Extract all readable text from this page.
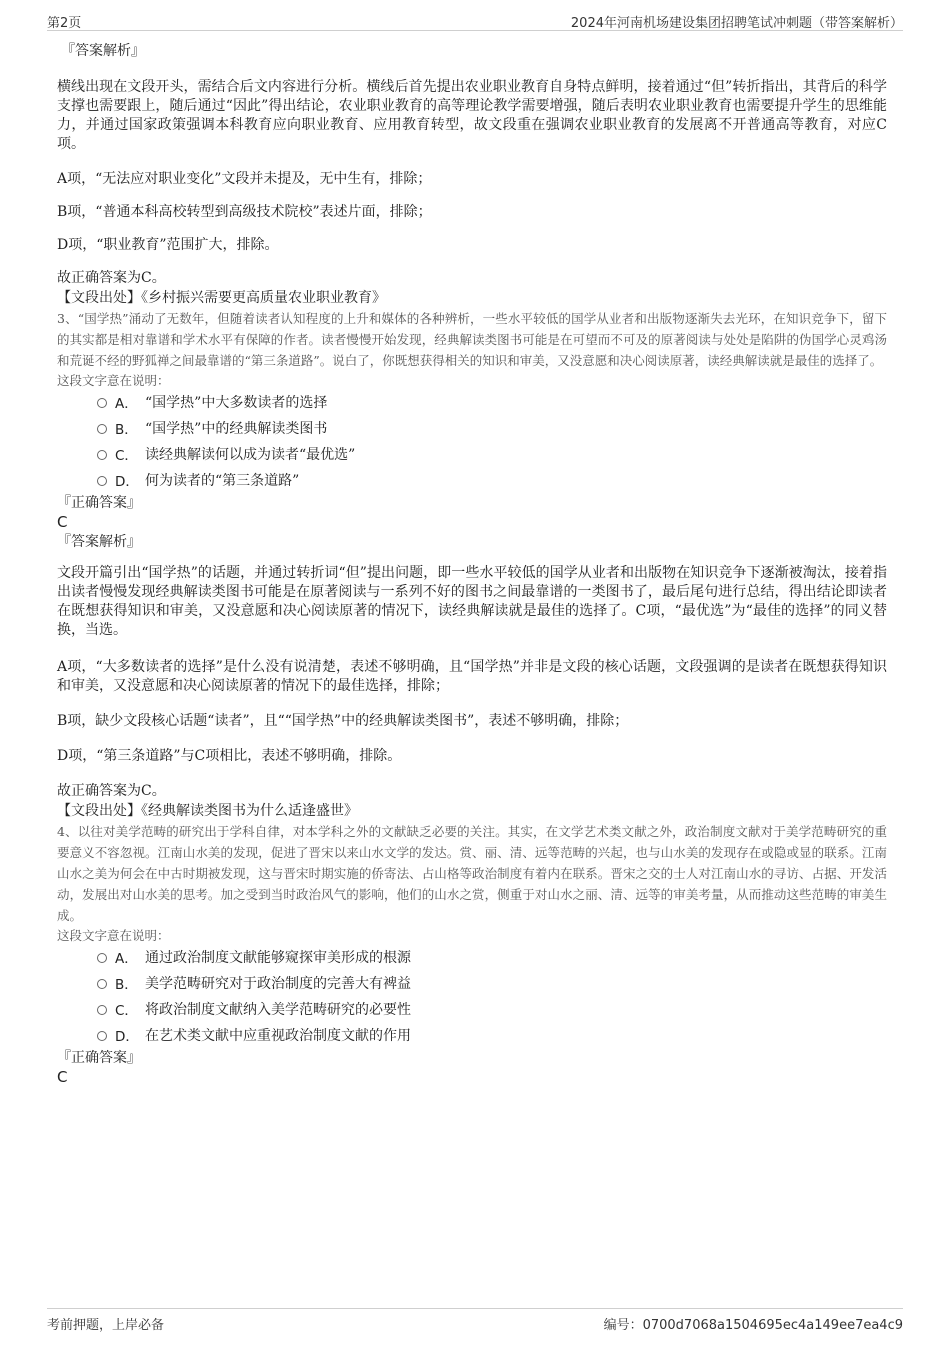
第2页	2024年河南机场建设集团招聘笔试冲刺题（带答案解析）

『答案解析』

横线出现在文段开头，需结合后文内容进行分析。横线后首先提出农业职业教育自身特点鲜明，接着通过“但”转折指出，其背后的科学支撑也需要跟上，随后通过“因此”得出结论，农业职业教育的高等理论教学需要增强，随后表明农业职业教育也需要提升学生的思维能力，并通过国家政策强调本科教育应向职业教育、应用教育转型，故文段重在强调农业职业教育的发展离不开普通高等教育，对应C项。

A项，“无法应对职业变化”文段并未提及，无中生有，排除；

B项，“普通本科高校转型到高级技术院校”表述片面，排除；

D项，“职业教育”范围扩大，排除。

故正确答案为C。

【文段出处】《乡村振兴需要更高质量农业职业教育》

3、“国学热”涌动了无数年，但随着读者认知程度的上升和媒体的各种辨析，一些水平较低的国学从业者和出版物逐渐失去光环，在知识竞争下，留下的其实都是相对靠谱和学术水平有保障的作者。读者慢慢开始发现，经典解读类图书可能是在可望而不可及的原著阅读与处处是陷阱的伪国学心灵鸡汤和荒诞不经的野狐禅之间最靠谱的“第三条道路”。说白了，你既想获得相关的知识和审美，又没意愿和决心阅读原著，读经典解读就是最佳的选择了。

这段文字意在说明：

A． “国学热”中大多数读者的选择
B． “国学热”中的经典解读类图书
C． 读经典解读何以成为读者“最优选”
D． 何为读者的“第三条道路”

『正确答案』

C

『答案解析』

文段开篇引出“国学热”的话题，并通过转折词“但”提出问题，即一些水平较低的国学从业者和出版物在知识竞争下逐渐被淘汰，接着指出读者慢慢发现经典解读类图书可能是在原著阅读与一系列不好的图书之间最靠谱的一类图书了，最后尾句进行总结，得出结论即读者在既想获得知识和审美，又没意愿和决心阅读原著的情况下，读经典解读就是最佳的选择了。C项，“最优选”为“最佳的选择”的同义替换，当选。

A项，“大多数读者的选择”是什么没有说清楚，表述不够明确，且“国学热”并非是文段的核心话题，文段强调的是读者在既想获得知识和审美，又没意愿和决心阅读原著的情况下的最佳选择，排除；

B项，缺少文段核心话题“读者”，且““国学热”中的经典解读类图书”，表述不够明确，排除；

D项，“第三条道路”与C项相比，表述不够明确，排除。

故正确答案为C。

【文段出处】《经典解读类图书为什么适逢盛世》

4、以往对美学范畴的研究出于学科自律，对本学科之外的文献缺乏必要的关注。其实，在文学艺术类文献之外，政治制度文献对于美学范畴研究的重要意义不容忽视。江南山水美的发现，促进了晋宋以来山水文学的发达。赏、丽、清、远等范畴的兴起，也与山水美的发现存在或隐或显的联系。江南山水之美为何会在中古时期被发现，这与晋宋时期实施的侨寄法、占山格等政治制度有着内在联系。晋宋之交的士人对江南山水的寻访、占据、开发活动，发展出对山水美的思考。加之受到当时政治风气的影响，他们的山水之赏，侧重于对山水之丽、清、远等的审美考量，从而推动这些范畴的审美生成。

这段文字意在说明：

A． 通过政治制度文献能够窥探审美形成的根源
B． 美学范畴研究对于政治制度的完善大有裨益
C． 将政治制度文献纳入美学范畴研究的必要性
D． 在艺术类文献中应重视政治制度文献的作用

『正确答案』

C

考前押题，上岸必备	编号：0700d7068a1504695ec4a149ee7ea4c9
